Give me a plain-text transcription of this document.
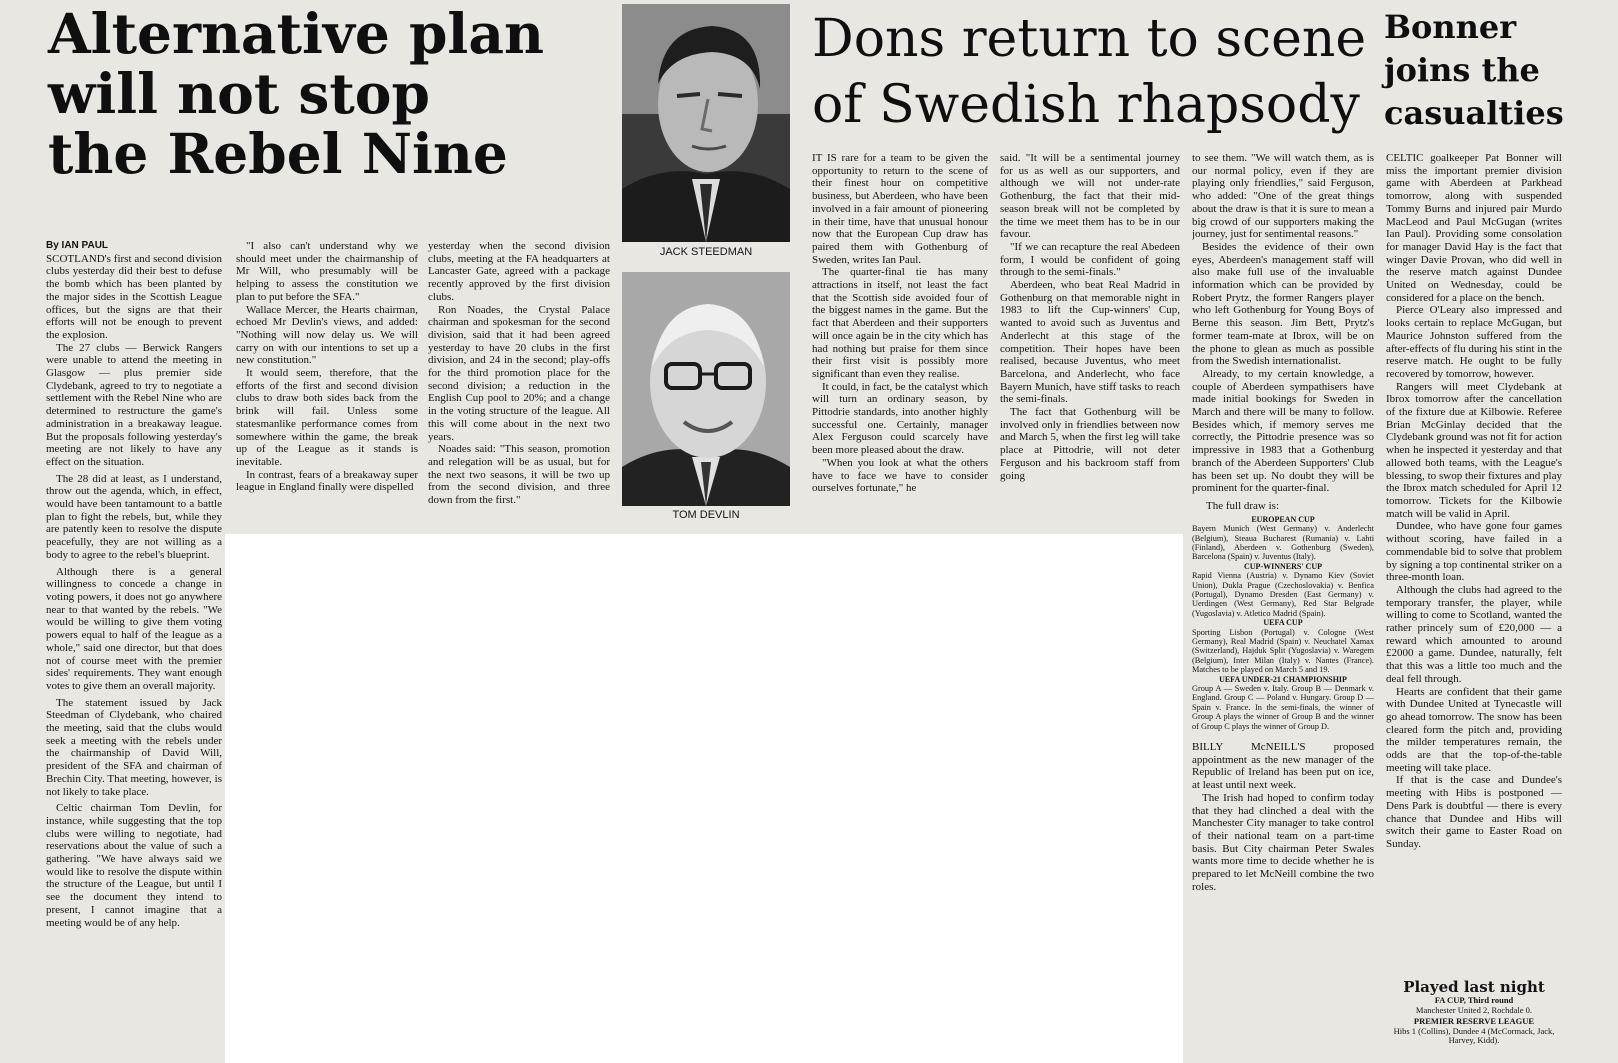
Alternative plan
will not stop
the Rebel Nine

By IAN PAUL

SCOTLAND's first and second division clubs yesterday did their best to defuse the bomb which has been planted by the major sides in the Scottish League offices, but the signs are that their efforts will not be enough to prevent the explosion.

The 27 clubs — Berwick Rangers were unable to attend the meeting in Glasgow — plus premier side Clydebank, agreed to try to negotiate a settlement with the Rebel Nine who are determined to restructure the game's administration in a breakaway league. But the proposals following yesterday's meeting are not likely to have any effect on the situation.

The 28 did at least, as I understand, throw out the agenda, which, in effect, would have been tantamount to a battle plan to fight the rebels, but, while they are patently keen to resolve the dispute peacefully, they are not willing as a body to agree to the rebel's blueprint.

Although there is a general willingness to concede a change in voting powers, it does not go anywhere near to that wanted by the rebels. "We would be willing to give them voting powers equal to half of the league as a whole," said one director, but that does not of course meet with the premier sides' requirements. They want enough votes to give them an overall majority.

The statement issued by Jack Steedman of Clydebank, who chaired the meeting, said that the clubs would seek a meeting with the rebels under the chairmanship of David Will, president of the SFA and chairman of Brechin City. That meeting, however, is not likely to take place.

Celtic chairman Tom Devlin, for instance, while suggesting that the top clubs were willing to negotiate, had reservations about the value of such a gathering. "We have always said we would like to resolve the dispute within the structure of the League, but until I see the document they intend to present, I cannot imagine that a meeting would be of any help.

"I also can't understand why we should meet under the chairmanship of Mr Will, who presumably will be helping to assess the constitution we plan to put before the SFA."

Wallace Mercer, the Hearts chairman, echoed Mr Devlin's views, and added: "Nothing will now delay us. We will carry on with our intentions to set up a new constitution."

It would seem, therefore, that the efforts of the first and second division clubs to draw both sides back from the brink will fail. Unless some statesmanlike performance comes from somewhere within the game, the break up of the League as it stands is inevitable.

In contrast, fears of a breakaway super league in England finally were dispelled

yesterday when the second division clubs, meeting at the FA headquarters at Lancaster Gate, agreed with a package recently approved by the first division clubs.

Ron Noades, the Crystal Palace chairman and spokesman for the second division, said that it had been agreed yesterday to have 20 clubs in the first division, and 24 in the second; play-offs for the third promotion place for the second division; a reduction in the English Cup pool to 20%; and a change in the voting structure of the league. All this will come about in the next two years.

Noades said: "This season, promotion and relegation will be as usual, but for the next two seasons, it will be two up from the second division, and three down from the first."

JACK STEEDMAN
TOM DEVLIN
Dons return to scene
of Swedish rhapsody

IT IS rare for a team to be given the opportunity to return to the scene of their finest hour on competitive business, but Aberdeen, who have been involved in a fair amount of pioneering in their time, have that unusual honour now that the European Cup draw has paired them with Gothenburg of Sweden, writes Ian Paul.

The quarter-final tie has many attractions in itself, not least the fact that the Scottish side avoided four of the biggest names in the game. But the fact that Aberdeen and their supporters will once again be in the city which has had nothing but praise for them since their first visit is possibly more significant than even they realise.

It could, in fact, be the catalyst which will turn an ordinary season, by Pittodrie standards, into another highly successful one. Certainly, manager Alex Ferguson could scarcely have been more pleased about the draw.

"When you look at what the others have to face we have to consider ourselves fortunate," he

said. "It will be a sentimental journey for us as well as our supporters, and although we will not under-rate Gothenburg, the fact that their mid-season break will not be completed by the time we meet them has to be in our favour.

"If we can recapture the real Abedeen form, I would be confident of going through to the semi-finals."

Aberdeen, who beat Real Madrid in Gothenburg on that memorable night in 1983 to lift the Cup-winners' Cup, wanted to avoid such as Juventus and Anderlecht at this stage of the competition. Their hopes have been realised, because Juventus, who meet Barcelona, and Anderlecht, who face Bayern Munich, have stiff tasks to reach the semi-finals.

The fact that Gothenburg will be involved only in friendlies between now and March 5, when the first leg will take place at Pittodrie, will not deter Ferguson and his backroom staff from going

to see them. "We will watch them, as is our normal policy, even if they are playing only friendlies," said Ferguson, who added: "One of the great things about the draw is that it is sure to mean a big crowd of our supporters making the journey, just for sentimental reasons."

Besides the evidence of their own eyes, Aberdeen's management staff will also make full use of the invaluable information which can be provided by Robert Prytz, the former Rangers player who left Gothenburg for Young Boys of Berne this season. Jim Bett, Prytz's former team-mate at Ibrox, will be on the phone to glean as much as possible from the Swedish internationalist.

Already, to my certain knowledge, a couple of Aberdeen sympathisers have made initial bookings for Sweden in March and there will be many to follow. Besides which, if memory serves me correctly, the Pittodrie presence was so impressive in 1983 that a Gothenburg branch of the Aberdeen Supporters' Club has been set up. No doubt they will be prominent for the quarter-final.

The full draw is:

EUROPEAN CUP

Bayern Munich (West Germany) v. Anderlecht (Belgium), Steaua Bucharest (Rumania) v. Lahti (Finland), Aberdeen v. Gothenburg (Sweden), Barcelona (Spain) v. Juventus (Italy).

CUP-WINNERS' CUP

Rapid Vienna (Austria) v. Dynamo Kiev (Soviet Union), Dukla Prague (Czechoslovakia) v. Benfica (Portugal), Dynamo Dresden (East Germany) v. Uerdingen (West Germany), Red Star Belgrade (Yugoslavia) v. Atletico Madrid (Spain).

UEFA CUP

Sporting Lisbon (Portugal) v. Cologne (West Germany), Real Madrid (Spain) v. Neuchatel Xamax (Switzerland), Hajduk Split (Yugoslavia) v. Waregem (Belgium), Inter Milan (Italy) v. Nantes (France). Matches to be played on March 5 and 19.

UEFA UNDER-21 CHAMPIONSHIP

Group A — Sweden v. Italy. Group B — Denmark v. England. Group C — Poland v. Hungary. Group D — Spain v. France. In the semi-finals, the winner of Group A plays the winner of Group B and the winner of Group C plays the winner of Group D.

BILLY McNEILL'S proposed appointment as the new manager of the Republic of Ireland has been put on ice, at least until next week.

The Irish had hoped to confirm today that they had clinched a deal with the Manchester City manager to take control of their national team on a part-time basis. But City chairman Peter Swales wants more time to decide whether he is prepared to let McNeill combine the two roles.

Bonner
joins the
casualties

CELTIC goalkeeper Pat Bonner will miss the important premier division game with Aberdeen at Parkhead tomorrow, along with suspended Tommy Burns and injured pair Murdo MacLeod and Paul McGugan (writes Ian Paul). Providing some consolation for manager David Hay is the fact that winger Davie Provan, who did well in the reserve match against Dundee United on Wednesday, could be considered for a place on the bench.

Pierce O'Leary also impressed and looks certain to replace McGugan, but Maurice Johnston suffered from the after-effects of flu during his stint in the reserve match. He ought to be fully recovered by tomorrow, however.

Rangers will meet Clydebank at Ibrox tomorrow after the cancellation of the fixture due at Kilbowie. Referee Brian McGinlay decided that the Clydebank ground was not fit for action when he inspected it yesterday and that allowed both teams, with the League's blessing, to swop their fixtures and play the Ibrox match scheduled for April 12 tomorrow. Tickets for the Kilbowie match will be valid in April.

Dundee, who have gone four games without scoring, have failed in a commendable bid to solve that problem by signing a top continental striker on a three-month loan.

Although the clubs had agreed to the temporary transfer, the player, while willing to come to Scotland, wanted the rather princely sum of £20,000 — a reward which amounted to around £2000 a game. Dundee, naturally, felt that this was a little too much and the deal fell through.

Hearts are confident that their game with Dundee United at Tynecastle will go ahead tomorrow. The snow has been cleared form the pitch and, providing the milder temperatures remain, the odds are that the top-of-the-table meeting will take place.

If that is the case and Dundee's meeting with Hibs is postponed — Dens Park is doubtful — there is every chance that Dundee and Hibs will switch their game to Easter Road on Sunday.

Played last night
FA CUP, Third round
Manchester United 2, Rochdale 0.
PREMIER RESERVE LEAGUE
Hibs 1 (Collins), Dundee 4 (McCormack, Jack, Harvey, Kidd).
